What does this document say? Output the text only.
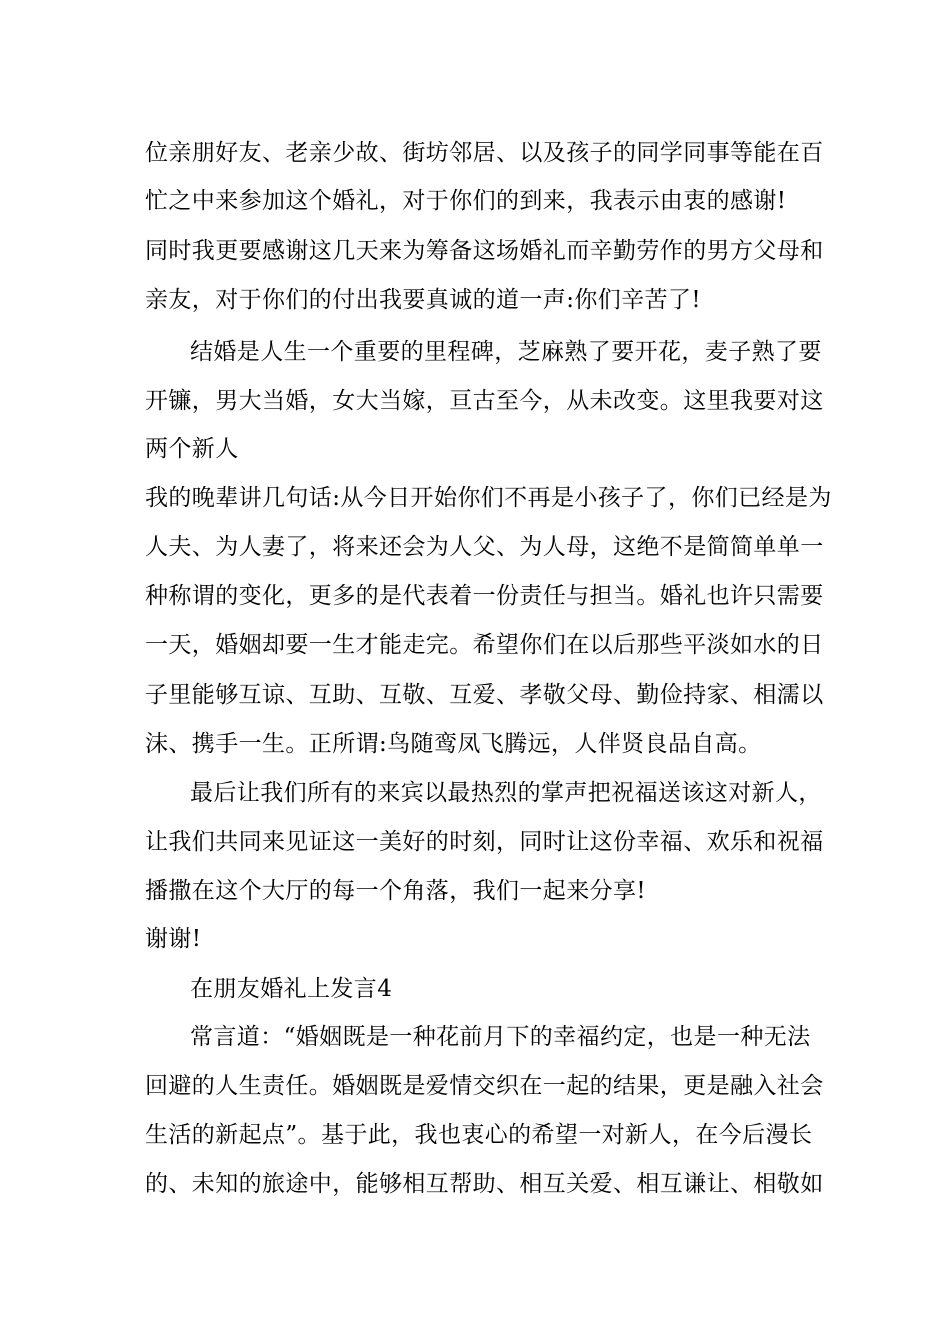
位亲朋好友、老亲少故、街坊邻居、以及孩子的同学同事等能在百
忙之中来参加这个婚礼，对于你们的到来，我表示由衷的感谢!
同时我更要感谢这几天来为筹备这场婚礼而辛勤劳作的男方父母和
亲友，对于你们的付出我要真诚的道一声:你们辛苦了!
结婚是人生一个重要的里程碑，芝麻熟了要开花，麦子熟了要
开镰，男大当婚，女大当嫁，亘古至今，从未改变。这里我要对这
两个新人
我的晚辈讲几句话:从今日开始你们不再是小孩子了，你们已经是为
人夫、为人妻了，将来还会为人父、为人母，这绝不是简简单单一
种称谓的变化，更多的是代表着一份责任与担当。婚礼也许只需要
一天，婚姻却要一生才能走完。希望你们在以后那些平淡如水的日
子里能够互谅、互助、互敬、互爱、孝敬父母、勤俭持家、相濡以
沫、携手一生。正所谓:鸟随鸾凤飞腾远，人伴贤良品自高。
最后让我们所有的来宾以最热烈的掌声把祝福送该这对新人，
让我们共同来见证这一美好的时刻，同时让这份幸福、欢乐和祝福
播撒在这个大厅的每一个角落，我们一起来分享!
谢谢!
在朋友婚礼上发言4
常言道：“婚姻既是一种花前月下的幸福约定，也是一种无法
回避的人生责任。婚姻既是爱情交织在一起的结果，更是融入社会
生活的新起点”。基于此，我也衷心的希望一对新人，在今后漫长
的、未知的旅途中，能够相互帮助、相互关爱、相互谦让、相敬如
